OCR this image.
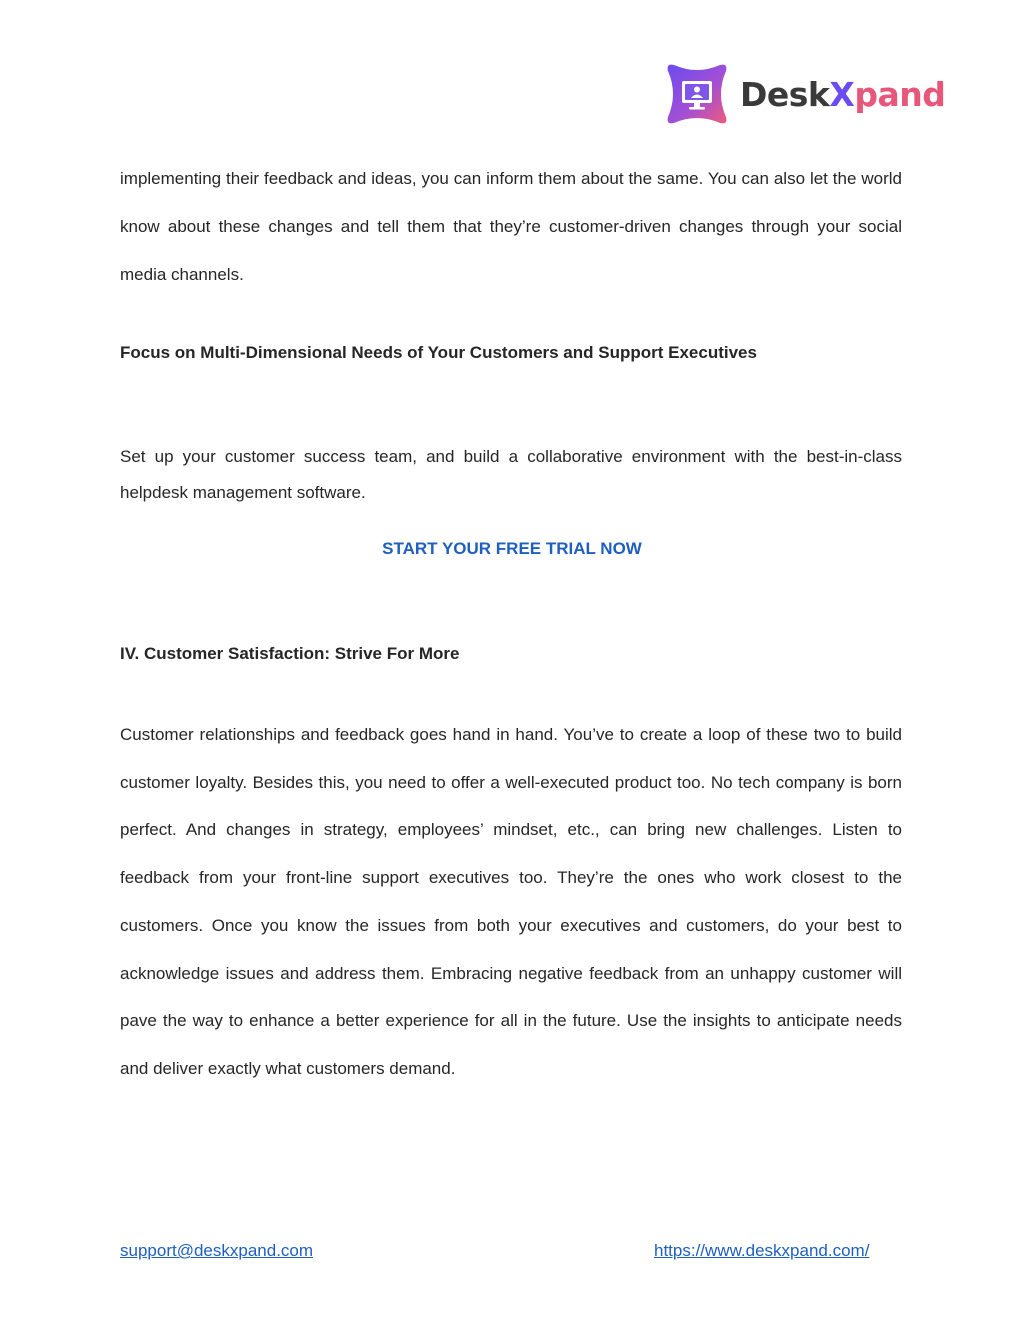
DeskXpand

implementing their feedback and ideas, you can inform them about the same. You can also let the world know about these changes and tell them that they’re customer-driven changes through your social media channels.

Focus on Multi-Dimensional Needs of Your Customers and Support Executives

Set up your customer success team, and build a collaborative environment with the best-in-class helpdesk management software.

START YOUR FREE TRIAL NOW
IV. Customer Satisfaction: Strive For More

Customer relationships and feedback goes hand in hand. You’ve to create a loop of these two to build customer loyalty. Besides this, you need to offer a well-executed product too. No tech company is born perfect. And changes in strategy, employees’ mindset, etc., can bring new challenges. Listen to feedback from your front-line support executives too. They’re the ones who work closest to the customers. Once you know the issues from both your executives and customers, do your best to acknowledge issues and address them. Embracing negative feedback from an unhappy customer will pave the way to enhance a better experience for all in the future. Use the insights to anticipate needs and deliver exactly what customers demand.

support@deskxpand.com	https://www.deskxpand.com/
